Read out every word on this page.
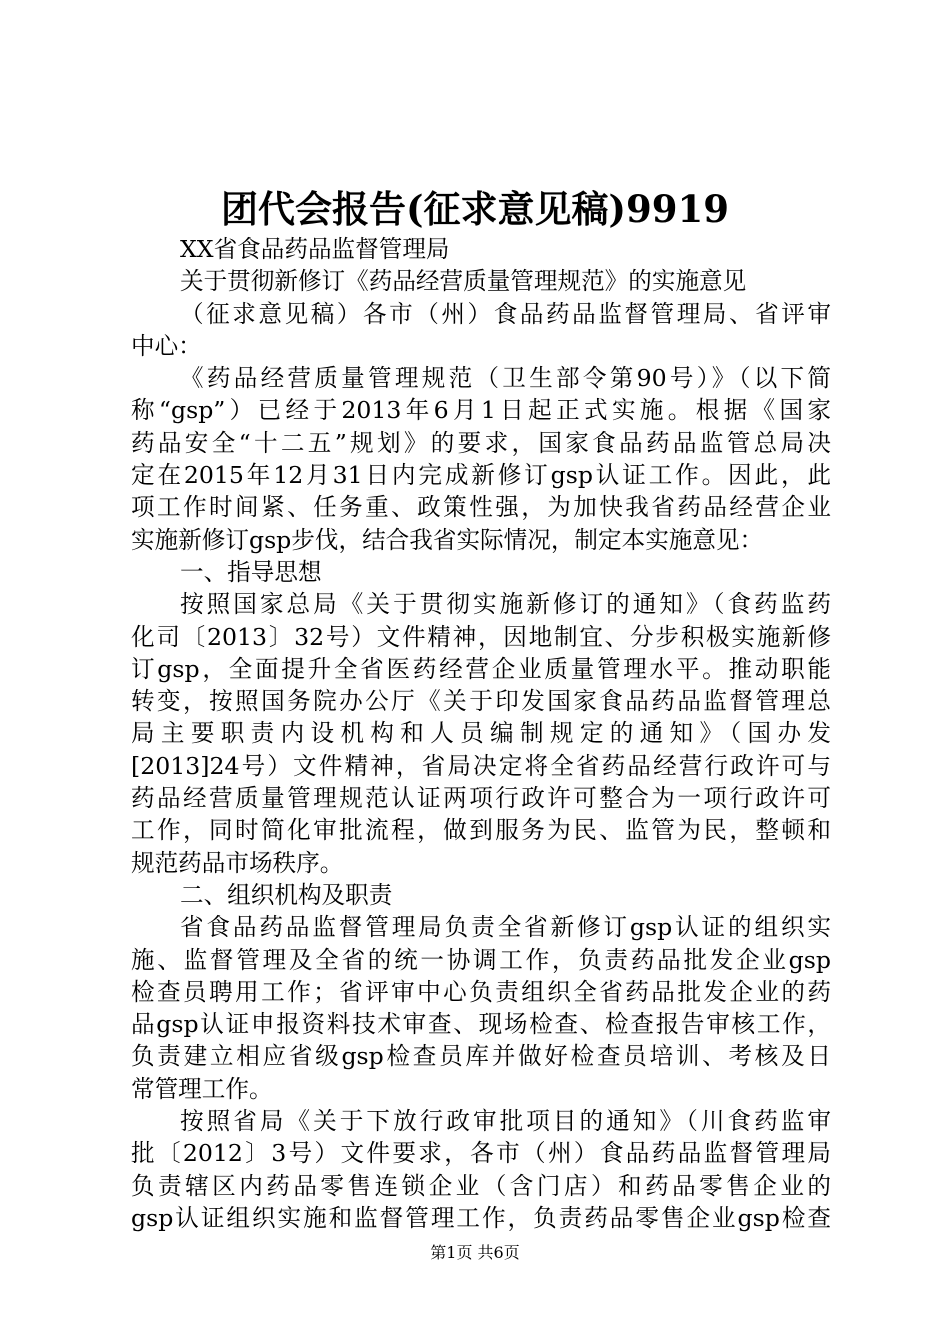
团代会报告(征求意见稿)9919
XX省食品药品监督管理局
关于贯彻新修订《药品经营质量管理规范》的实施意见
（征求意见稿）各市（州）食品药品监督管理局、省评审
中心：
《药品经营质量管理规范（卫生部令第90号）》（以下简
称“gsp”）已经于2013年6月1日起正式实施。根据《国家
药品安全“十二五”规划》的要求，国家食品药品监管总局决
定在2015年12月31日内完成新修订gsp认证工作。因此，此
项工作时间紧、任务重、政策性强，为加快我省药品经营企业
实施新修订gsp步伐，结合我省实际情况，制定本实施意见：
一、指导思想
按照国家总局《关于贯彻实施新修订的通知》（食药监药
化司〔2013〕32号）文件精神，因地制宜、分步积极实施新修
订gsp，全面提升全省医药经营企业质量管理水平。推动职能
转变，按照国务院办公厅《关于印发国家食品药品监督管理总
局主要职责内设机构和人员编制规定的通知》（国办发
[2013]24号）文件精神，省局决定将全省药品经营行政许可与
药品经营质量管理规范认证两项行政许可整合为一项行政许可
工作，同时简化审批流程，做到服务为民、监管为民，整顿和
规范药品市场秩序。
二、组织机构及职责
省食品药品监督管理局负责全省新修订gsp认证的组织实
施、监督管理及全省的统一协调工作，负责药品批发企业gsp
检查员聘用工作；省评审中心负责组织全省药品批发企业的药
品gsp认证申报资料技术审查、现场检查、检查报告审核工作，
负责建立相应省级gsp检查员库并做好检查员培训、考核及日
常管理工作。
按照省局《关于下放行政审批项目的通知》（川食药监审
批〔2012〕3号）文件要求，各市（州）食品药品监督管理局
负责辖区内药品零售连锁企业（含门店）和药品零售企业的
gsp认证组织实施和监督管理工作，负责药品零售企业gsp检查
第1页 共6页
